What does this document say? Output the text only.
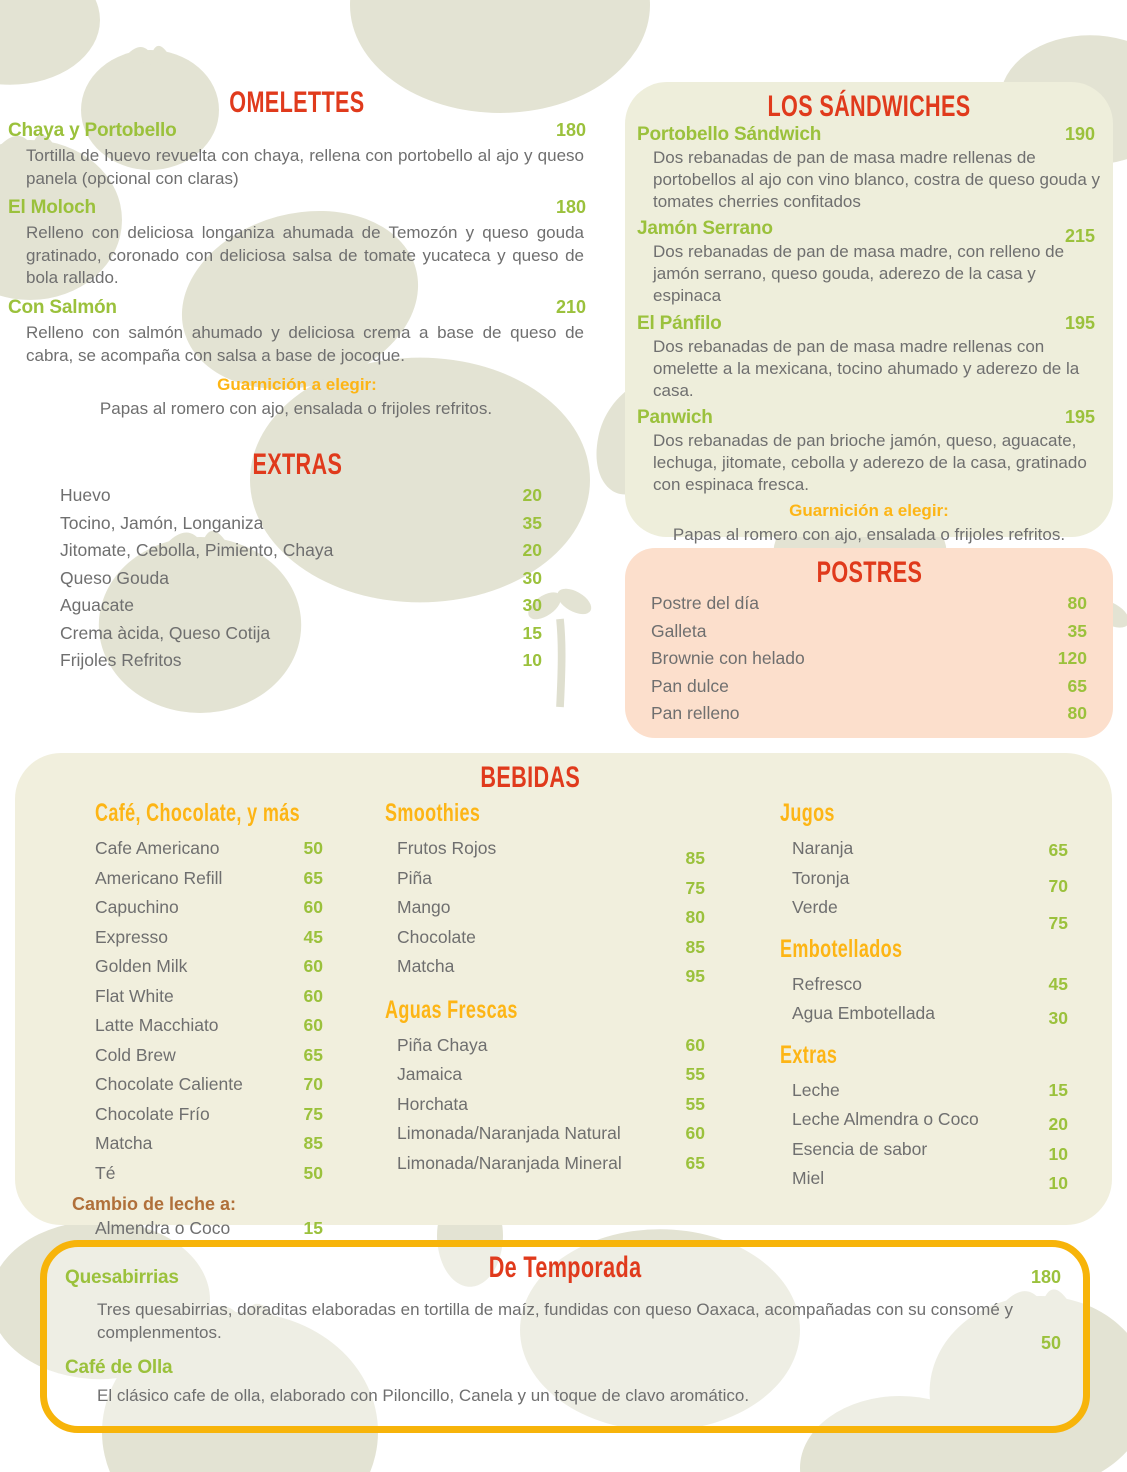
OMELETTES
Chaya y Portobello	180

Tortilla de huevo revuelta con chaya, rellena con portobello al ajo y queso panela (opcional con claras)

El Moloch	180

Relleno con deliciosa longaniza ahumada de Temozón y queso gouda gratinado, coronado con deliciosa salsa de tomate yucateca y queso de bola rallado.

Con Salmón	210

Relleno con salmón ahumado y deliciosa crema a base de queso de cabra, se acompaña con salsa a base de jocoque.

Guarnición a elegir:
Papas al romero con ajo, ensalada o frijoles refritos.
EXTRAS
Huevo	20
Tocino, Jamón, Longaniza	35
Jitomate, Cebolla, Pimiento, Chaya	20
Queso Gouda	30
Aguacate	30
Crema àcida, Queso Cotija	15
Frijoles Refritos	10
LOS SÁNDWICHES
Portobello Sándwich	190

Dos rebanadas de pan de masa madre rellenas de portobellos al ajo con vino blanco, costra de queso gouda y tomates cherries confitados

Jamón Serrano	215

Dos rebanadas de pan de masa madre, con relleno de jamón serrano, queso gouda, aderezo de la casa y espinaca

El Pánfilo	195

Dos rebanadas de pan de masa madre rellenas con omelette a la mexicana, tocino ahumado y aderezo de la casa.

Panwich	195

Dos rebanadas de pan brioche jamón, queso, aguacate, lechuga, jitomate, cebolla y aderezo de la casa, gratinado con espinaca fresca.

Guarnición a elegir:
Papas al romero con ajo, ensalada o frijoles refritos.
POSTRES
Postre del día	80
Galleta	35
Brownie con helado	120
Pan dulce	65
Pan relleno	80
BEBIDAS
Café, Chocolate, y más
Cafe Americano	50
Americano Refill	65
Capuchino	60
Expresso	45
Golden Milk	60
Flat White	60
Latte Macchiato	60
Cold Brew	65
Chocolate Caliente	70
Chocolate Frío	75
Matcha	85
Té	50
Cambio de leche a:
Almendra o Coco	15
Smoothies
Frutos Rojos	85
Piña	75
Mango	80
Chocolate	85
Matcha	95
Aguas Frescas
Piña Chaya	60
Jamaica	55
Horchata	55
Limonada/Naranjada Natural	60
Limonada/Naranjada Mineral	65
Jugos
Naranja	65
Toronja	70
Verde
75
Embotellados
Refresco	45
Agua Embotellada	30
Extras
Leche	15
Leche Almendra o Coco	20
Esencia de sabor	10
Miel	10
De Temporada
Quesabirrias	180

Tres quesabirrias, doraditas elaboradas en tortilla de maíz, fundidas con queso Oaxaca, acompañadas con su consomé y complenmentos.

Café de Olla
50

El clásico cafe de olla, elaborado con Piloncillo, Canela y un toque de clavo aromático.
